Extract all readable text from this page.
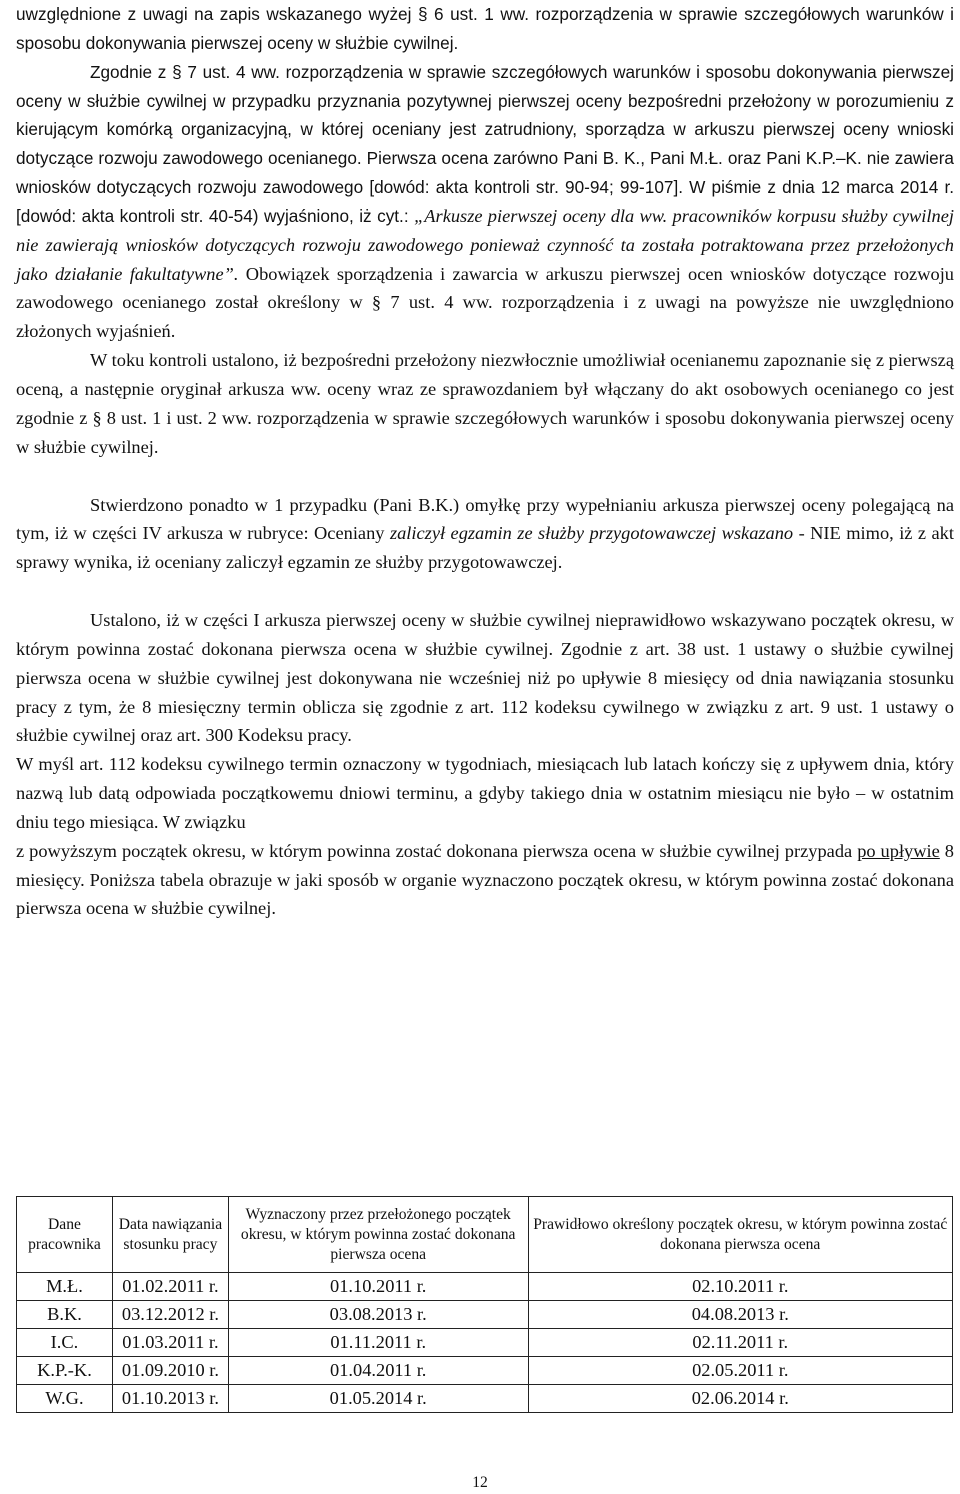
uwzględnione z uwagi na zapis wskazanego wyżej § 6 ust. 1 ww. rozporządzenia w sprawie szczegółowych warunków i sposobu dokonywania pierwszej oceny w służbie cywilnej.
Zgodnie z § 7 ust. 4 ww. rozporządzenia w sprawie szczegółowych warunków i sposobu dokonywania pierwszej oceny w służbie cywilnej w przypadku przyznania pozytywnej pierwszej oceny bezpośredni przełożony w porozumieniu z kierującym komórką organizacyjną, w której oceniany jest zatrudniony, sporządza w arkuszu pierwszej oceny wnioski dotyczące rozwoju zawodowego ocenianego. Pierwsza ocena zarówno Pani B. K., Pani M.Ł. oraz Pani K.P.–K. nie zawiera wniosków dotyczących rozwoju zawodowego [dowód: akta kontroli str. 90-94; 99-107]. W piśmie z dnia 12 marca 2014 r. [dowód: akta kontroli str. 40-54) wyjaśniono, iż cyt.: „Arkusze pierwszej oceny dla ww. pracowników korpusu służby cywilnej nie zawierają wniosków dotyczących rozwoju zawodowego ponieważ czynność ta została potraktowana przez przełożonych jako działanie fakultatywne”. Obowiązek sporządzenia i zawarcia w arkuszu pierwszej ocen wniosków dotyczące rozwoju zawodowego ocenianego został określony w § 7 ust. 4 ww. rozporządzenia i z uwagi na powyższe nie uwzględniono złożonych wyjaśnień.

W toku kontroli ustalono, iż bezpośredni przełożony niezwłocznie umożliwiał ocenianemu zapoznanie się z pierwszą oceną, a następnie oryginał arkusza ww. oceny wraz ze sprawozdaniem był włączany do akt osobowych ocenianego co jest zgodnie z § 8 ust. 1 i ust. 2 ww. rozporządzenia w sprawie szczegółowych warunków i sposobu dokonywania pierwszej oceny w służbie cywilnej.

Stwierdzono ponadto w 1 przypadku (Pani B.K.) omyłkę przy wypełnianiu arkusza pierwszej oceny polegającą na tym, iż w części IV arkusza w rubryce: Oceniany zaliczył egzamin ze służby przygotowawczej wskazano - NIE mimo, iż z akt sprawy wynika, iż oceniany zaliczył egzamin ze służby przygotowawczej.

Ustalono, iż w części I arkusza pierwszej oceny w służbie cywilnej nieprawidłowo wskazywano początek okresu, w którym powinna zostać dokonana pierwsza ocena w służbie cywilnej. Zgodnie z art. 38 ust. 1 ustawy o służbie cywilnej pierwsza ocena w służbie cywilnej jest dokonywana nie wcześniej niż po upływie 8 miesięcy od dnia nawiązania stosunku pracy z tym, że 8 miesięczny termin oblicza się zgodnie z art. 112 kodeksu cywilnego w związku z art. 9 ust. 1 ustawy o służbie cywilnej oraz art. 300 Kodeksu pracy.

W myśl art. 112 kodeksu cywilnego termin oznaczony w tygodniach, miesiącach lub latach kończy się z upływem dnia, który nazwą lub datą odpowiada początkowemu dniowi terminu, a gdyby takiego dnia w ostatnim miesiącu nie było – w ostatnim dniu tego miesiąca. W związku

z powyższym początek okresu, w którym powinna zostać dokonana pierwsza ocena w służbie cywilnej przypada po upływie 8 miesięcy. Poniższa tabela obrazuje w jaki sposób w organie wyznaczono początek okresu, w którym powinna zostać dokonana pierwsza ocena w służbie cywilnej.

Dane pracownika	Data nawiązania stosunku pracy	Wyznaczony przez przełożonego początek okresu, w którym powinna zostać dokonana pierwsza ocena	Prawidłowo określony początek okresu, w którym powinna zostać dokonana pierwsza ocena
M.Ł.	01.02.2011 r.	01.10.2011 r.	02.10.2011 r.
B.K.	03.12.2012 r.	03.08.2013 r.	04.08.2013 r.
I.C.	01.03.2011 r.	01.11.2011 r.	02.11.2011 r.
K.P.-K.	01.09.2010 r.	01.04.2011 r.	02.05.2011 r.
W.G.	01.10.2013 r.	01.05.2014 r.	02.06.2014 r.
12
